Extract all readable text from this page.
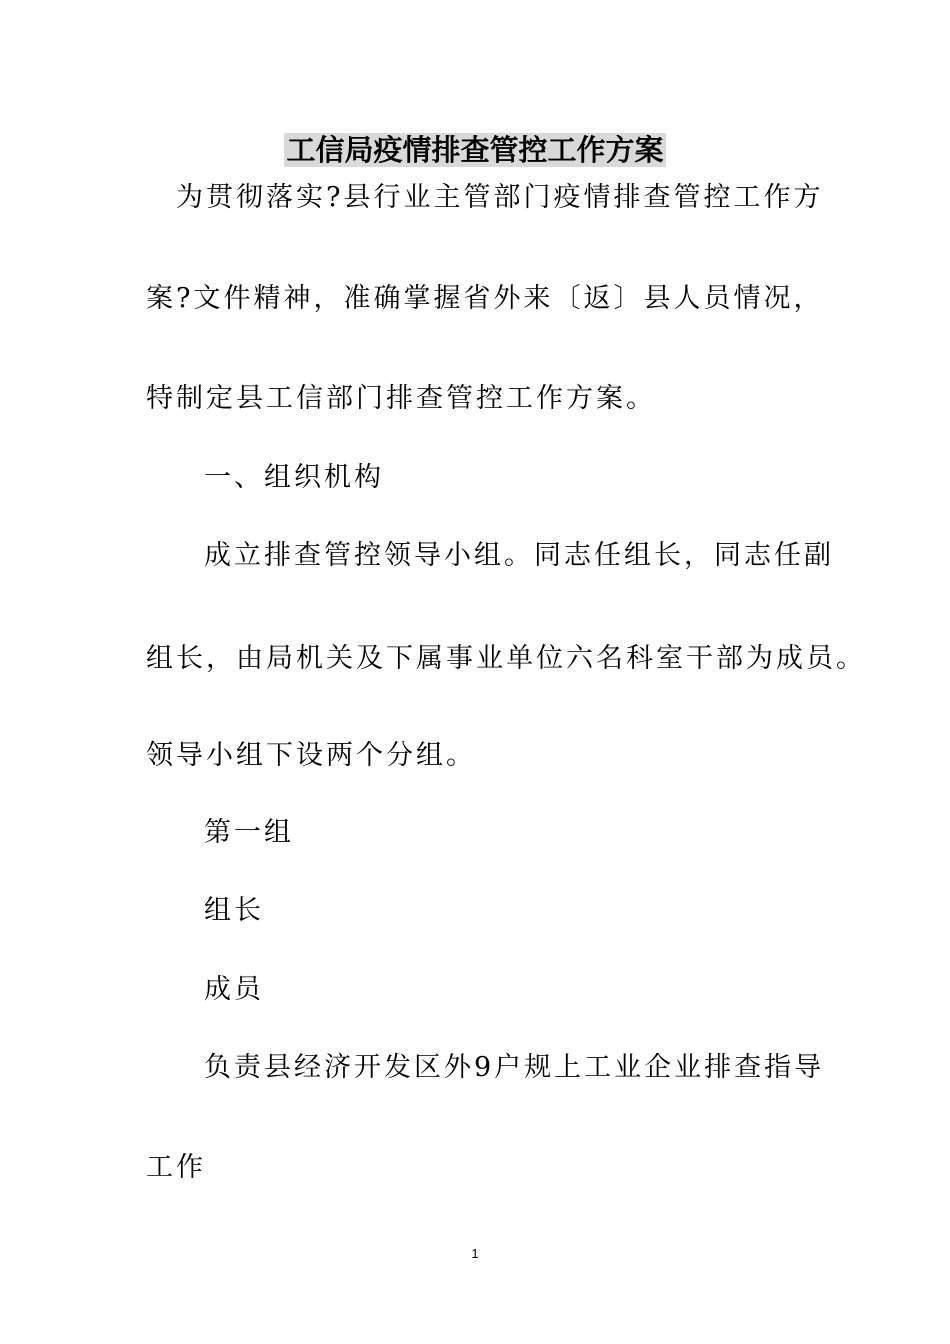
工信局疫情排查管控工作方案
为贯彻落实?县行业主管部门疫情排查管控工作方
案?文件精神，准确掌握省外来〔返〕县人员情况，
特制定县工信部门排查管控工作方案。
一、组织机构
成立排查管控领导小组。同志任组长，同志任副
组长，由局机关及下属事业单位六名科室干部为成员。
领导小组下设两个分组。
第一组
组长
成员
负责县经济开发区外9户规上工业企业排查指导
工作
1
